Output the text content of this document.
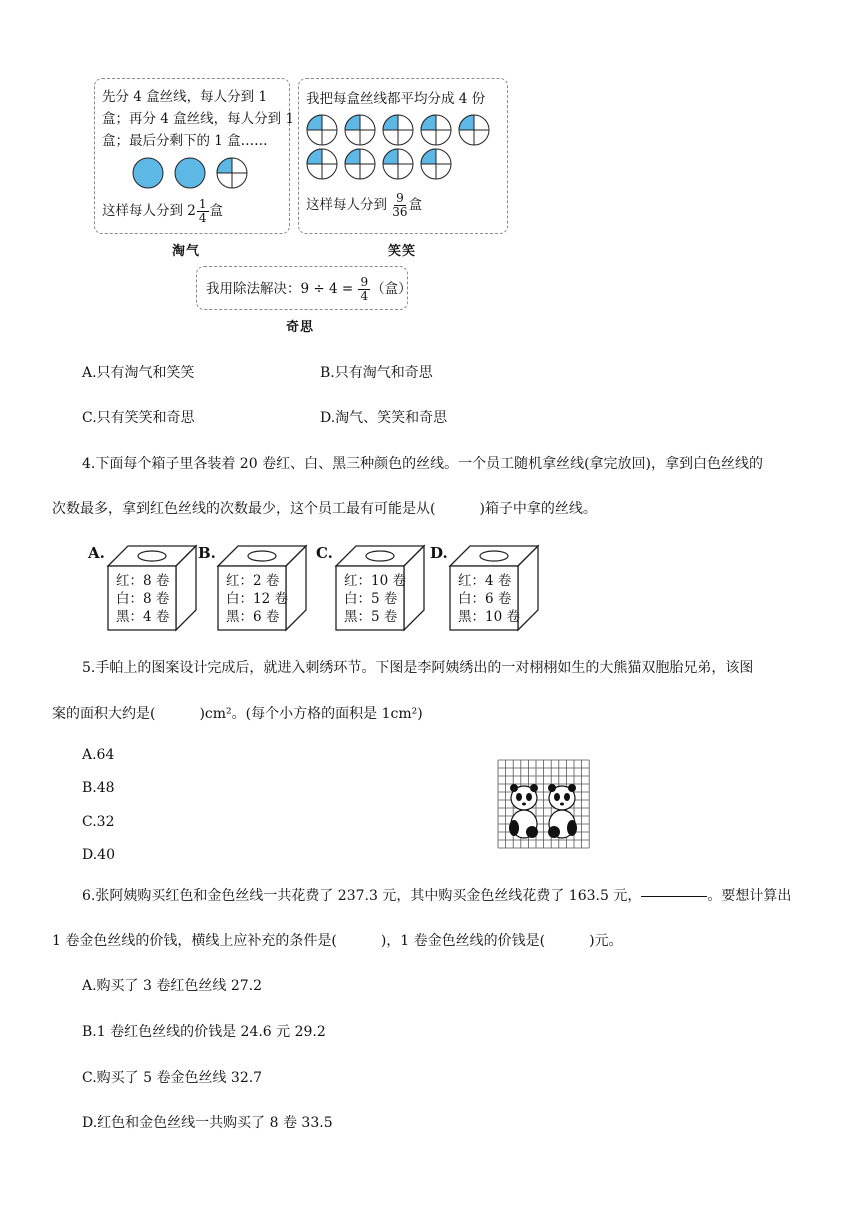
先分 4 盒丝线，每人分到 1
盒；再分 4 盒丝线，每人分到 1
盒；最后分剩下的 1 盒……
这样每人分到 $2 \frac{1}{4}$ 盒
淘气
我把每盒丝线都平均分成 4 份
这样每人分到 $\frac{9}{36}$ 盒
笑笑
我用除法解决：$9 \div 4 = \frac{9}{4}$ （盒）
奇思
A.只有淘气和笑笑	B.只有淘气和奇思
C.只有笑笑和奇思	D.淘气、笑笑和奇思
4.下面每个箱子里各装着 20 卷红、白、黑三种颜色的丝线。一个员工随机拿丝线(拿完放回)，拿到白色丝线的
次数最多，拿到红色丝线的次数最少，这个员工最有可能是从(	)箱子中拿的丝线。
A.
红：8 卷
白：8 卷
黑：4 卷
B.
红：2 卷
白：12 卷
黑：6 卷
C.
红：10 卷
白：5 卷
黑：5 卷
D.
红：4 卷
白：6 卷
黑：10 卷
5.手帕上的图案设计完成后，就进入刺绣环节。下图是李阿姨绣出的一对栩栩如生的大熊猫双胞胎兄弟，该图
案的面积大约是(	)cm²。(每个小方格的面积是 1cm²)
A.64
B.48
C.32
D.40
6.张阿姨购买红色和金色丝线一共花费了 237.3 元，其中购买金色丝线花费了 163.5 元，	。要想计算出
1 卷金色丝线的价钱，横线上应补充的条件是(	)，1 卷金色丝线的价钱是(	)元。
A.购买了 3 卷红色丝线 27.2
B.1 卷红色丝线的价钱是 24.6 元 29.2
C.购买了 5 卷金色丝线 32.7
D.红色和金色丝线一共购买了 8 卷 33.5
